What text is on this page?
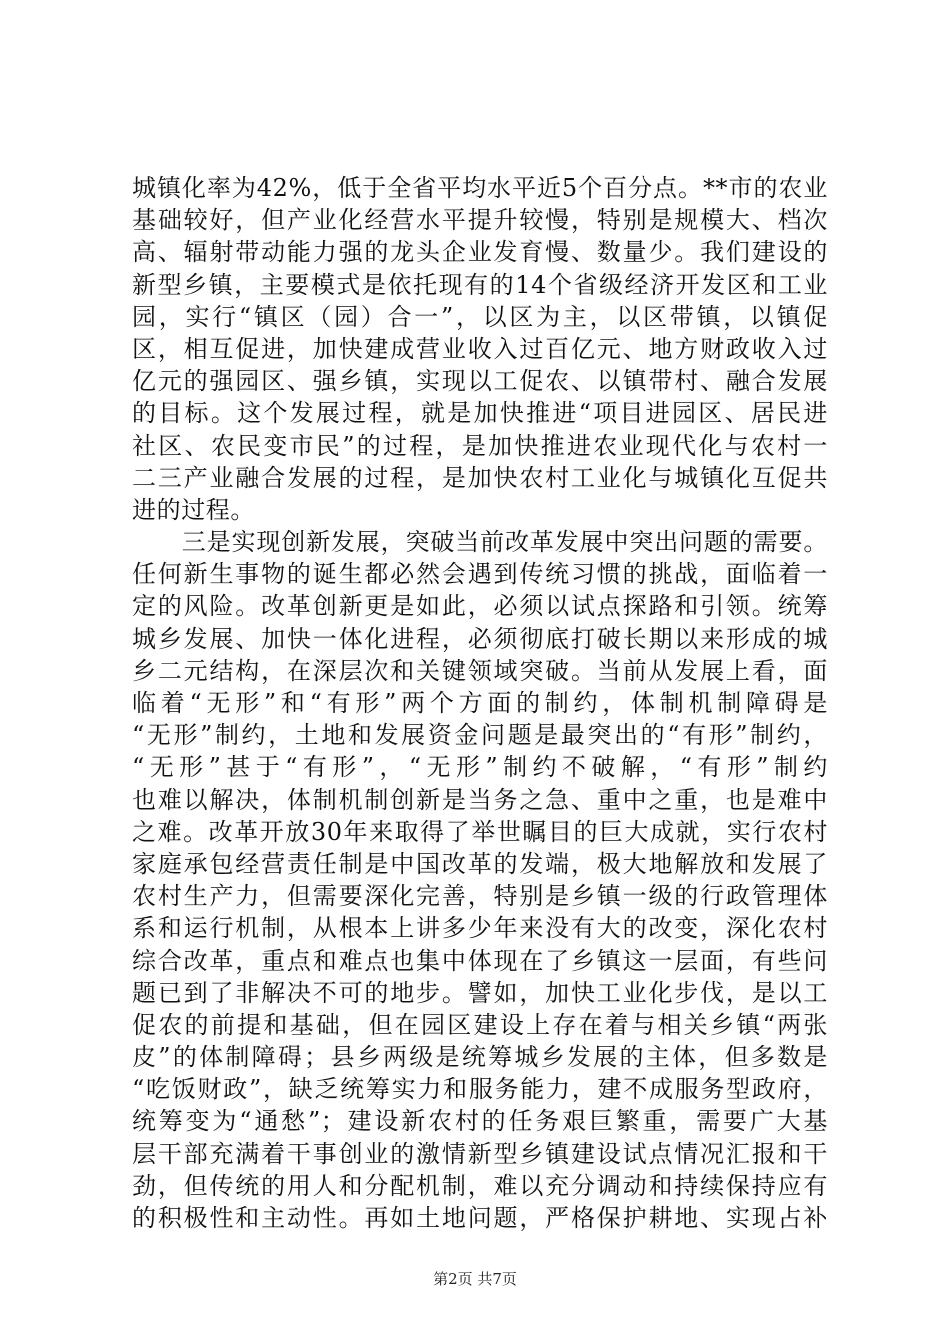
城镇化率为42%，低于全省平均水平近5个百分点。**市的农业
基础较好，但产业化经营水平提升较慢，特别是规模大、档次
高、辐射带动能力强的龙头企业发育慢、数量少。我们建设的
新型乡镇，主要模式是依托现有的14个省级经济开发区和工业
园，实行“镇区（园）合一”，以区为主，以区带镇，以镇促
区，相互促进，加快建成营业收入过百亿元、地方财政收入过
亿元的强园区、强乡镇，实现以工促农、以镇带村、融合发展
的目标。这个发展过程，就是加快推进“项目进园区、居民进
社区、农民变市民”的过程，是加快推进农业现代化与农村一
二三产业融合发展的过程，是加快农村工业化与城镇化互促共
进的过程。
　　三是实现创新发展，突破当前改革发展中突出问题的需要。
任何新生事物的诞生都必然会遇到传统习惯的挑战，面临着一
定的风险。改革创新更是如此，必须以试点探路和引领。统筹
城乡发展、加快一体化进程，必须彻底打破长期以来形成的城
乡二元结构，在深层次和关键领域突破。当前从发展上看，面
临着“无形”和“有形”两个方面的制约，体制机制障碍是
“无形”制约，土地和发展资金问题是最突出的“有形”制约，
“无形”甚于“有形”，“无形”制约不破解，“有形”制约
也难以解决，体制机制创新是当务之急、重中之重，也是难中
之难。改革开放30年来取得了举世瞩目的巨大成就，实行农村
家庭承包经营责任制是中国改革的发端，极大地解放和发展了
农村生产力，但需要深化完善，特别是乡镇一级的行政管理体
系和运行机制，从根本上讲多少年来没有大的改变，深化农村
综合改革，重点和难点也集中体现在了乡镇这一层面，有些问
题已到了非解决不可的地步。譬如，加快工业化步伐，是以工
促农的前提和基础，但在园区建设上存在着与相关乡镇“两张
皮”的体制障碍；县乡两级是统筹城乡发展的主体，但多数是
“吃饭财政”，缺乏统筹实力和服务能力，建不成服务型政府，
统筹变为“通愁”；建设新农村的任务艰巨繁重，需要广大基
层干部充满着干事创业的激情新型乡镇建设试点情况汇报和干
劲，但传统的用人和分配机制，难以充分调动和持续保持应有
的积极性和主动性。再如土地问题，严格保护耕地、实现占补
第2页 共7页
